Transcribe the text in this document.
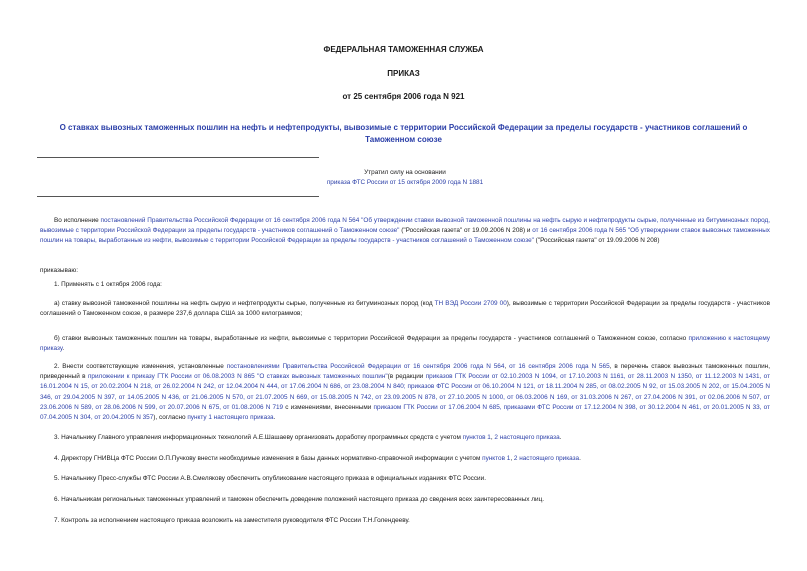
ФЕДЕРАЛЬНАЯ ТАМОЖЕННАЯ СЛУЖБА
ПРИКАЗ
от 25 сентября 2006 года N 921
О ставках вывозных таможенных пошлин на нефть и нефтепродукты, вывозимые с территории Российской Федерации за пределы государств - участников соглашений о Таможенном союзе
Утратил силу на основании
приказа ФТС России от 15 октября 2009 года N 1881
Во исполнение постановлений Правительства Российской Федерации от 16 сентября 2006 года N 564 "Об утверждении ставки вывозной таможенной пошлины на нефть сырую и нефтепродукты сырые, полученные из битуминозных пород, вывозимые с территории Российской Федерации за пределы государств - участников соглашений о Таможенном союзе" ("Российская газета" от 19.09.2006 N 208) и от 16 сентября 2006 года N 565 "Об утверждении ставок вывозных таможенных пошлин на товары, выработанные из нефти, вывозимые с территории Российской Федерации за пределы государств - участников соглашений о Таможенном союзе" ("Российская газета" от 19.09.2006 N 208)
приказываю:
1. Применять с 1 октября 2006 года:
а) ставку вывозной таможенной пошлины на нефть сырую и нефтепродукты сырые, полученные из битуминозных пород (код ТН ВЭД России 2709 00), вывозимые с территории Российской Федерации за пределы государств - участников соглашений о Таможенном союзе, в размере 237,6 доллара США за 1000 килограммов;
б) ставки вывозных таможенных пошлин на товары, выработанные из нефти, вывозимые с территории Российской Федерации за пределы государств - участников соглашений о Таможенном союзе, согласно приложению к настоящему приказу.
2. Внести соответствующие изменения, установленные постановлениями Правительства Российской Федерации от 16 сентября 2006 года N 564, от 16 сентября 2006 года N 565, в перечень ставок вывозных таможенных пошлин, приведенный в приложении к приказу ГТК России от 06.08.2003 N 865 "О ставках вывозных таможенных пошлин"(в редакции приказов ГТК России от 02.10.2003 N 1094, от 17.10.2003 N 1161, от 28.11.2003 N 1350, от 11.12.2003 N 1431, от 16.01.2004 N 15, от 20.02.2004 N 218, от 26.02.2004 N 242, от 12.04.2004 N 444, от 17.06.2004 N 686, от 23.08.2004 N 840; приказов ФТС России от 06.10.2004 N 121, от 18.11.2004 N 285, от 08.02.2005 N 92, от 15.03.2005 N 202, от 15.04.2005 N 346, от 29.04.2005 N 397, от 14.05.2005 N 436, от 21.06.2005 N 570, от 21.07.2005 N 669, от 15.08.2005 N 742, от 23.09.2005 N 878, от 27.10.2005 N 1000, от 06.03.2006 N 169, от 31.03.2006 N 267, от 27.04.2006 N 391, от 02.06.2006 N 507, от 23.06.2006 N 589, от 28.06.2006 N 599, от 20.07.2006 N 675, от 01.08.2006 N 719 с изменениями, внесенными приказом ГТК России от 17.06.2004 N 685, приказами ФТС России от 17.12.2004 N 398, от 30.12.2004 N 461, от 20.01.2005 N 33, от 07.04.2005 N 304, от 20.04.2005 N 357), согласно пункту 1 настоящего приказа.
3. Начальнику Главного управления информационных технологий А.Е.Шашаеву организовать доработку программных средств с учетом пунктов 1, 2 настоящего приказа.
4. Директору ГНИВЦа ФТС России О.П.Пучкову внести необходимые изменения в базы данных нормативно-справочной информации с учетом пунктов 1, 2 настоящего приказа.
5. Начальнику Пресс-службы ФТС России А.В.Смелякову обеспечить опубликование настоящего приказа в официальных изданиях ФТС России.
6. Начальникам региональных таможенных управлений и таможен обеспечить доведение положений настоящего приказа до сведения всех заинтересованных лиц.
7. Контроль за исполнением настоящего приказа возложить на заместителя руководителя ФТС России Т.Н.Голендееву.
